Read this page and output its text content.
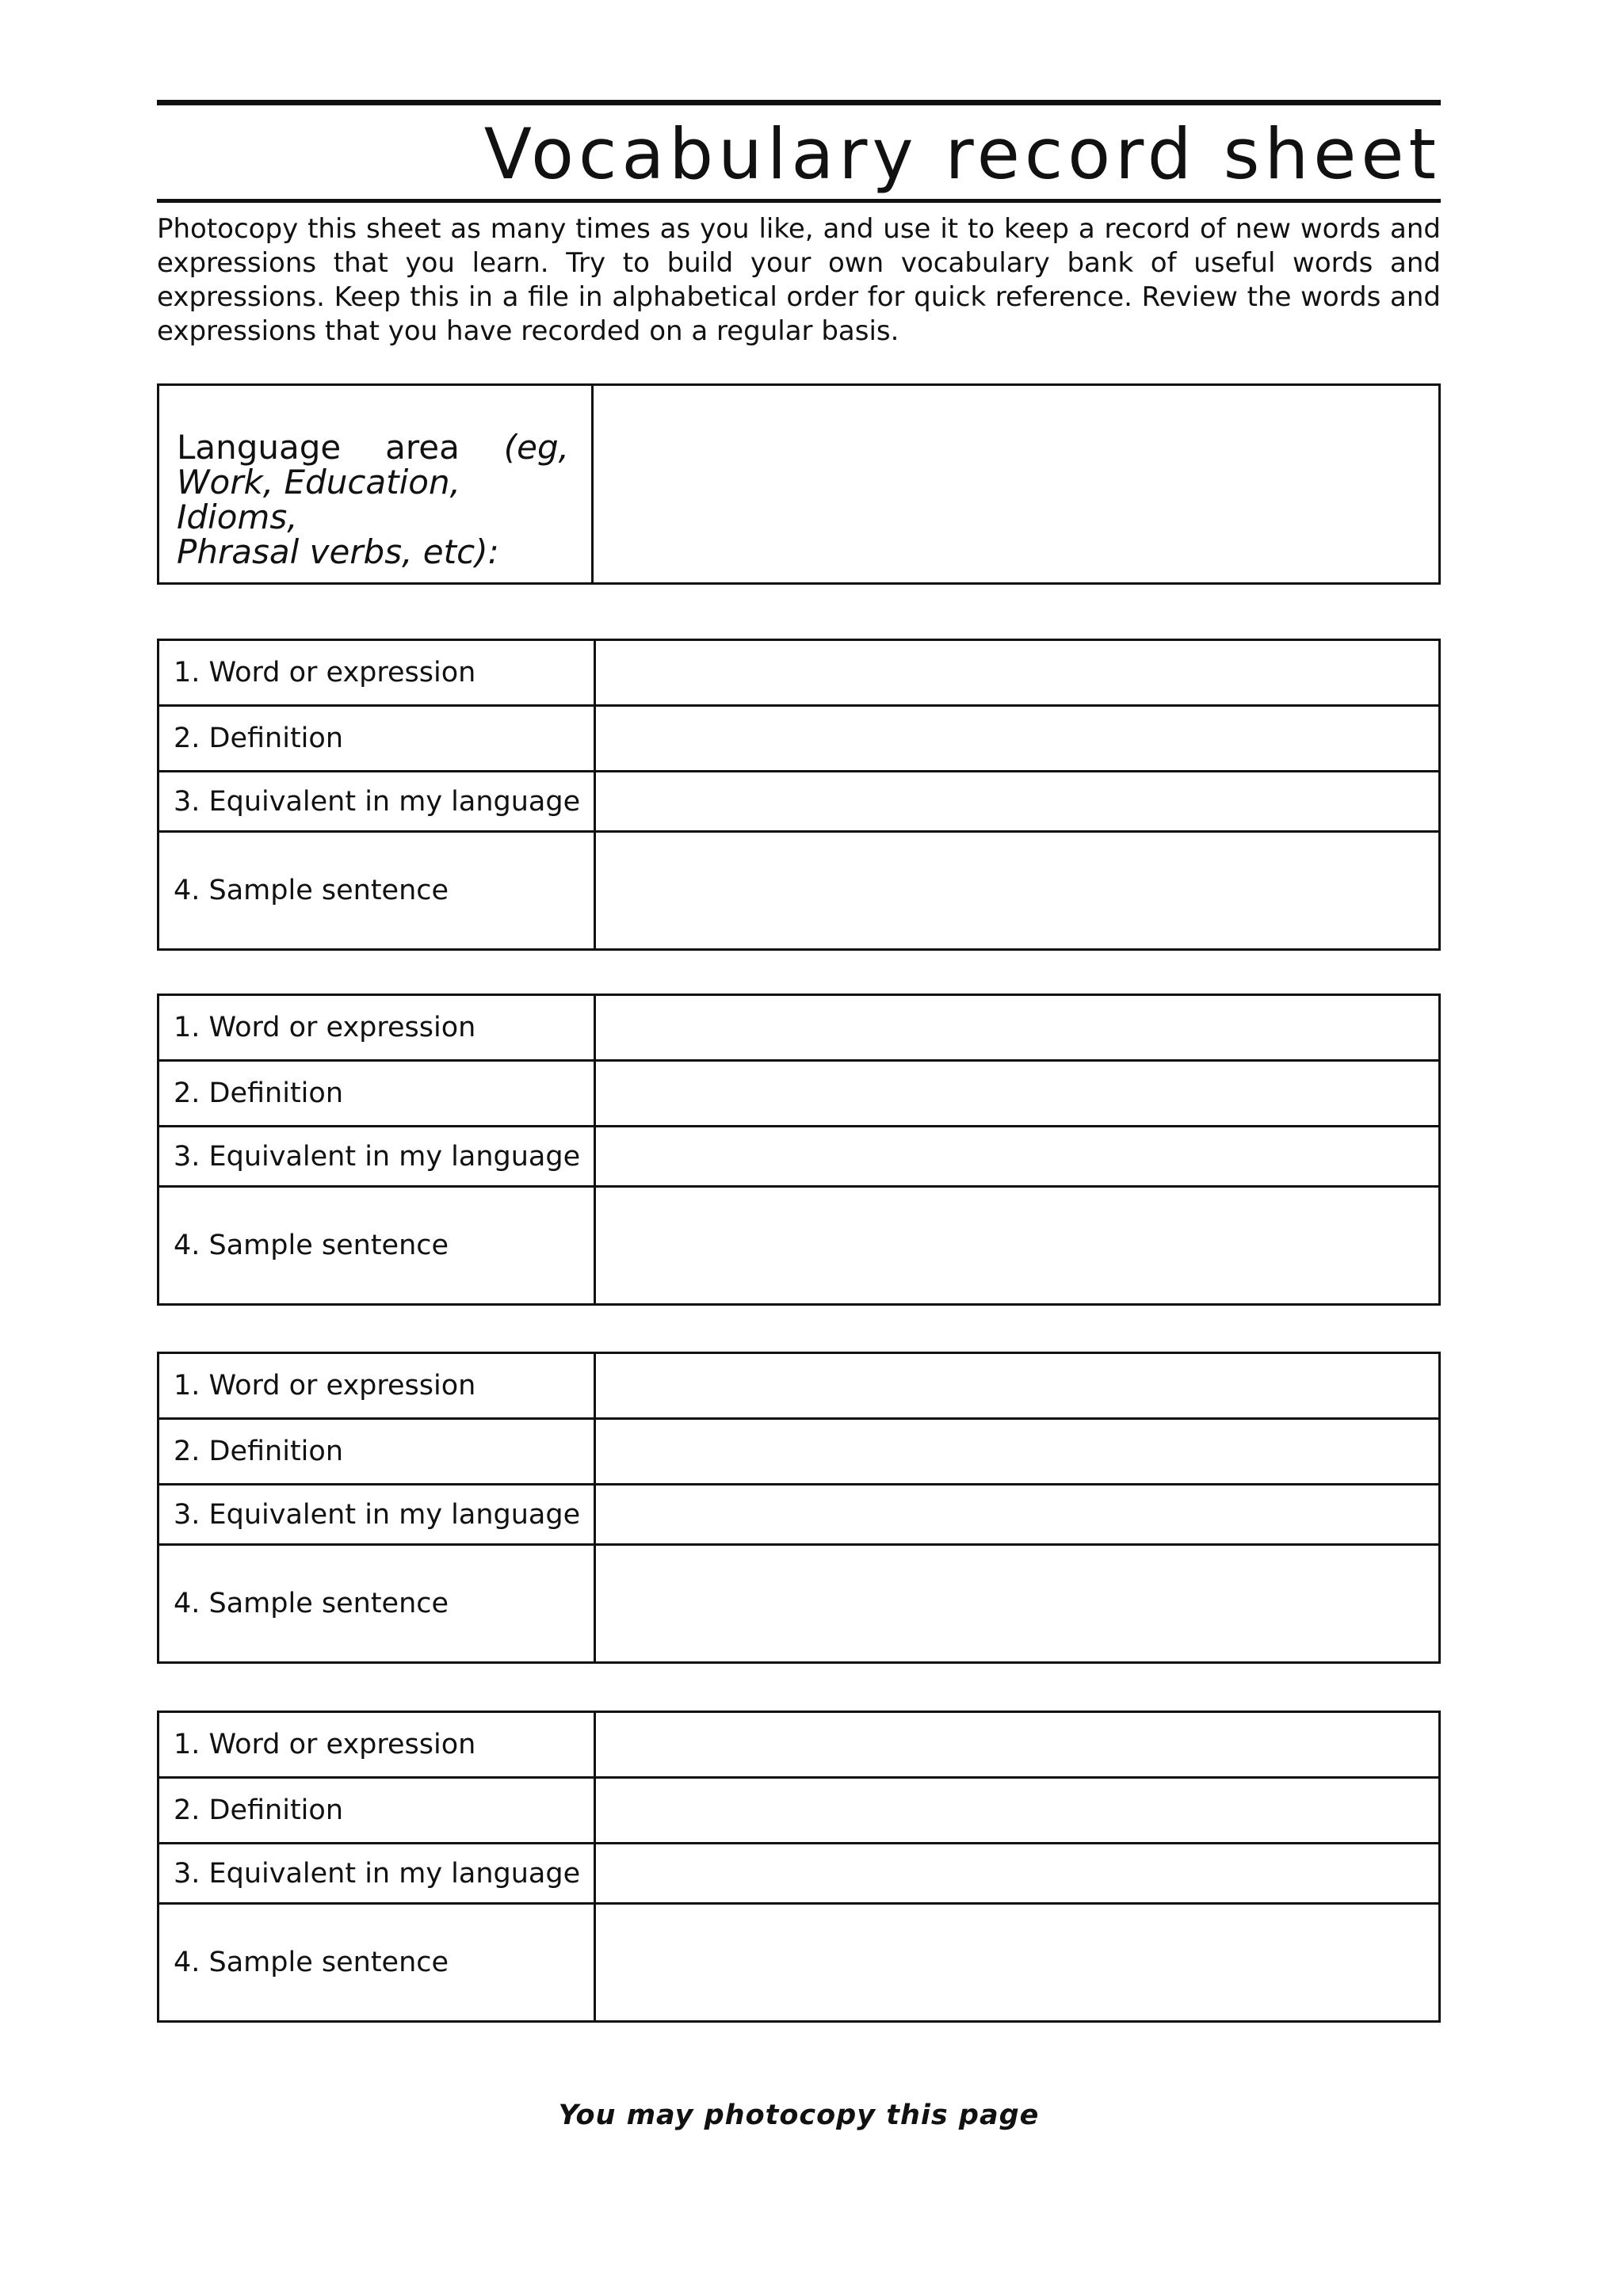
Vocabulary record sheet

Photocopy this sheet as many times as you like, and use it to keep a record of new words and expressions that you learn. Try to build your own vocabulary bank of useful words and expressions. Keep this in a file in alphabetical order for quick reference. Review the words and expressions that you have recorded on a regular basis.

Language area (eg,
Work, Education, Idioms,
Phrasal verbs, etc):
1. Word or expression
2. Definition
3. Equivalent in my language
4. Sample sentence
1. Word or expression
2. Definition
3. Equivalent in my language
4. Sample sentence
1. Word or expression
2. Definition
3. Equivalent in my language
4. Sample sentence
1. Word or expression
2. Definition
3. Equivalent in my language
4. Sample sentence
You may photocopy this page
